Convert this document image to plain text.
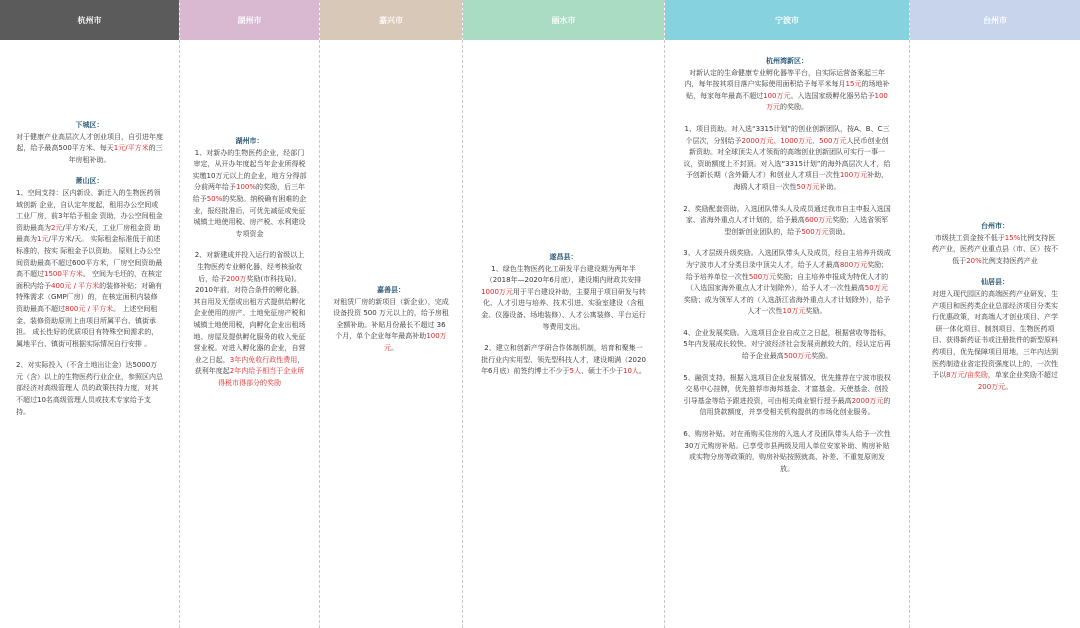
杭州市
下城区：
对于健康产业高层次人才创业项目，自引进年度起，给予最高500平方米、每天1元/平方米的三年房租补助。
萧山区：
1、空间支持：区内新设、新迁入的生物医药领域创新 企业，自认定年度起，租用办公空间或工业厂房，前3年给予租金 资助，办公空间租金资助最高为2元/平方米/天，工业厂房租金资 助最高为1元/平方米/天。 实际租金标准低于前述标准的，按实 际租金予以资助。 原则上办公空间资助最高不超过600平方米，厂房空间资助最高不超过1500平方米。 空间为毛坯的，在核定面积内给予400元 / 平方米的装修补贴；对确有特殊需求（GMP厂房）的，在核定面积内装修资助最高不超过800元 / 平方米。 上述空间租金、装修资助原则上由项目所属平台、镇街承担。 成长性好的优质项目有特殊空间需求的，属地平台、镇街可根据实际情况自行安排 。
2、对实际投入（不含土地出让金）达5000万元（含）以上的生物医药行业企业，参照区内总部经济对高级管理人 员的政策扶持力度，对其不超过10名高级管理人员或技术专家给予支持。
湖州市
湖州市：
1、对新办的生物医药企业，经部门审定，从开办年度起当年企业所得税实缴10万元以上的企业，地方分得部分前两年给予100%的奖励，后三年给予50%的奖励。纳税确有困难的企业，报经批准后，可优先减征或免征城镇土地使用税、房产税、水利建设专项资金
2、对新建成并投入运行的省级以上生物医药专业孵化器，经考核验收后，给予200万奖励(市科技局)。2010年前，对符合条件的孵化器，其自用及无偿或出租方式提供给孵化企业使用的房产、土地免征房产税和城镇土地使用税，向孵化企业出租场地、房屋及提供孵化服务的收入免征营业税。对进入孵化器的企业，自营业之日起，3年内免收行政性费用，获利年度起2年内给予相当于企业所得税市得部分的奖励
嘉兴市
嘉善县：
对租赁厂房的新项目（新企业），完成设备投资 500 万元以上的，给予房租全额补助。补贴月份最长不超过 36 个月，单个企业每年最高补助100万元。
丽水市
遂昌县：
1、绿色生物医药化工研发平台建设期为两年半（2018年—2020年6月底），建设期内财政共安排1000万元用于平台建设补助，主要用于项目研发与转化、人才引进与培养、技术引进、实验室建设（含租金、仪器设备、场地装修）、人才公寓装修、平台运行等费用支出。
2、建立和创新产学研合作体制机制，培育和聚集一批行业内实用型、领先型科技人才，建设期满（2020年6月底）前签约博士不少于5人、硕士不少于10人。
宁波市
杭州湾新区：
对新认定的生命健康专业孵化器等平台，自实际运营备案起三年内，每年按其项目落户实际使用面积给予每平米每月15元的场地补贴，每家每年最高不超过100万元。入选国家级孵化器另给予100万元的奖励。
1、项目资助。对入选“3315计划”的创业创新团队，按A、B、C三个层次，分别给予2000万元、1000万元、500万元人民币创业创新资助。对全球顶尖人才领衔的高端创业创新团队可实行一事一议，资助额度上不封顶。对入选“3315计划”的海外高层次人才，给予创新长期（含外籍人才）和创业人才项目一次性100万元补助，海鸥人才项目一次性50万元补助。
2、奖励配套资助。入选团队带头人及成员通过我市自主申报入选国家、省海外重点人才计划的，给予最高600万元奖励；入选省领军型创新创业团队的，给予500万元资助。
3、人才层级升级奖励。入选团队带头人及成员，经自主培养升级成为宁波市人才分类目录中顶尖人才，给予人才最高800万元奖励；给予培养单位一次性500万元奖励；自主培养申报成为特优人才的（入选国家海外重点人才计划除外），给予人才一次性最高50万元奖励；成为领军人才的（入选浙江省海外重点人才计划除外），给予人才一次性10万元奖励。
4、企业发展奖励。入选项目企业自成立之日起，根据营收等指标，5年内发展成长较快、对宁波经济社会发展贡献较大的，经认定后再给予企业最高500万元奖励。
5、融资支持。根据入选项目企业发展情况，优先推荐在宁波市股权交易中心挂牌，优先推荐市海邦基金、才富基金、天使基金、创投引导基金等给予跟进投资，可由相关商业银行授予最高2000万元的信用贷款额度，并享受相关机构提供的市场化创业服务。
6、购房补贴。对在甬购买住房的入选人才及团队带头人给予一次性30万元购房补贴。已享受市县两级及用人单位安家补助、购房补贴或实物分房等政策的，购房补贴按照就高、补差、不重复原则发放。
台州市
台州市：
市级扶工资金按不低于15%比例支持医药产业，医药产业重点县（市、区）按不低于20%比例支持医药产业
仙居县：
对进入现代园区的高端医药产业研发、生产项目和医药类企业总部经济项目分类实行优惠政策，对高端人才创业项目、产学研一体化项目、制剂项目、生物医药项目、获得新药证书或注册批件的新型原料药项目，优先保障项目用地，三年内达到医药制造业省定投资强度以上的，一次性予以8万元/亩奖励，单家企业奖励不超过200万元。
